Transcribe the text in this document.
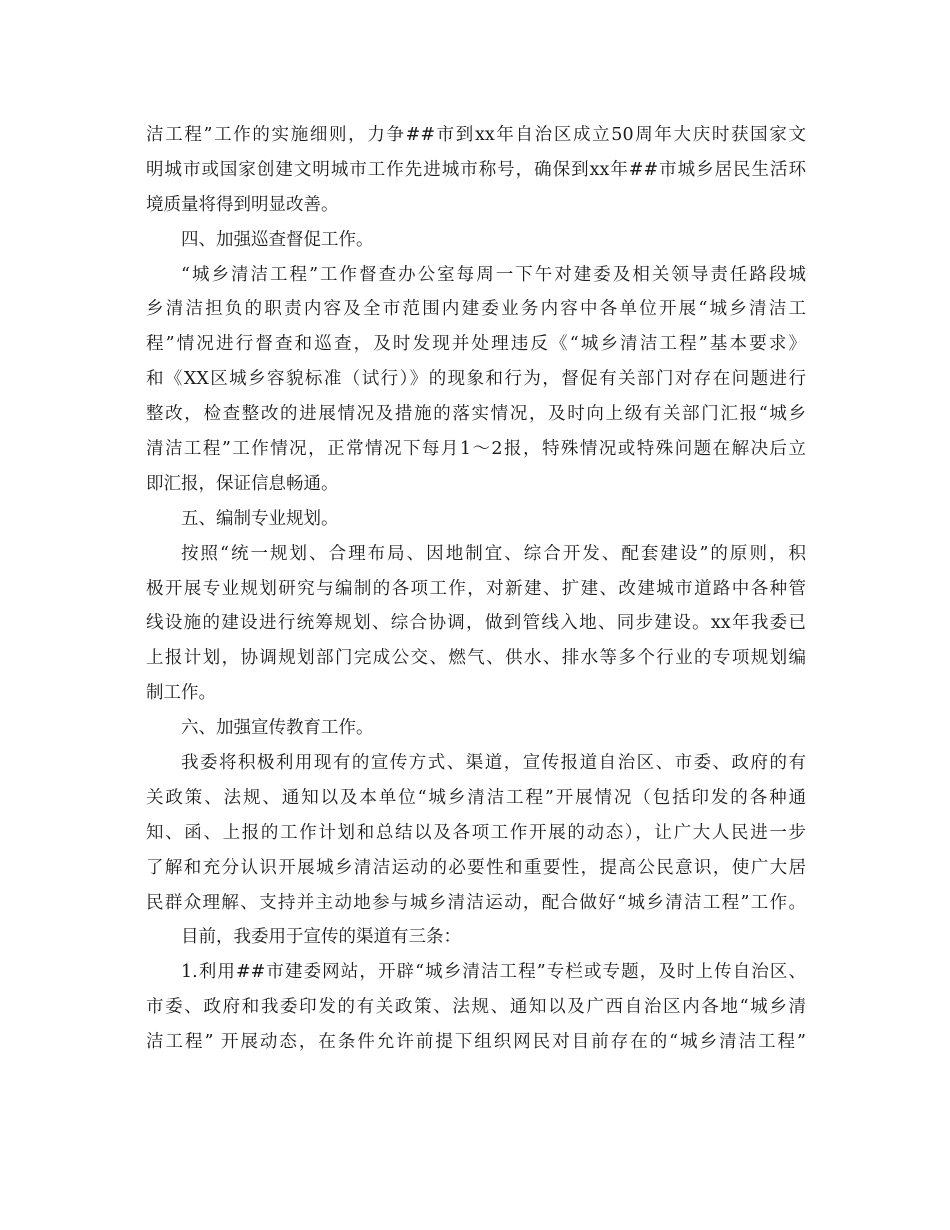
洁工程”工作的实施细则，力争##市到xx年自治区成立50周年大庆时获国家文
明城市或国家创建文明城市工作先进城市称号，确保到xx年##市城乡居民生活环
境质量将得到明显改善。
四、加强巡查督促工作。
“城乡清洁工程”工作督查办公室每周一下午对建委及相关领导责任路段城
乡清洁担负的职责内容及全市范围内建委业务内容中各单位开展“城乡清洁工
程”情况进行督查和巡查，及时发现并处理违反《“城乡清洁工程”基本要求》
和《XX区城乡容貌标准（试行）》的现象和行为，督促有关部门对存在问题进行
整改，检查整改的进展情况及措施的落实情况，及时向上级有关部门汇报“城乡
清洁工程”工作情况，正常情况下每月1～2报，特殊情况或特殊问题在解决后立
即汇报，保证信息畅通。
五、编制专业规划。
按照“统一规划、合理布局、因地制宜、综合开发、配套建设”的原则，积
极开展专业规划研究与编制的各项工作，对新建、扩建、改建城市道路中各种管
线设施的建设进行统筹规划、综合协调，做到管线入地、同步建设。xx年我委已
上报计划，协调规划部门完成公交、燃气、供水、排水等多个行业的专项规划编
制工作。
六、加强宣传教育工作。
我委将积极利用现有的宣传方式、渠道，宣传报道自治区、市委、政府的有
关政策、法规、通知以及本单位“城乡清洁工程”开展情况（包括印发的各种通
知、函、上报的工作计划和总结以及各项工作开展的动态），让广大人民进一步
了解和充分认识开展城乡清洁运动的必要性和重要性，提高公民意识，使广大居
民群众理解、支持并主动地参与城乡清洁运动，配合做好“城乡清洁工程”工作。
目前，我委用于宣传的渠道有三条：
1.利用##市建委网站，开辟“城乡清洁工程”专栏或专题，及时上传自治区、
市委、政府和我委印发的有关政策、法规、通知以及广西自治区内各地“城乡清
洁工程” 开展动态，在条件允许前提下组织网民对目前存在的“城乡清洁工程”
